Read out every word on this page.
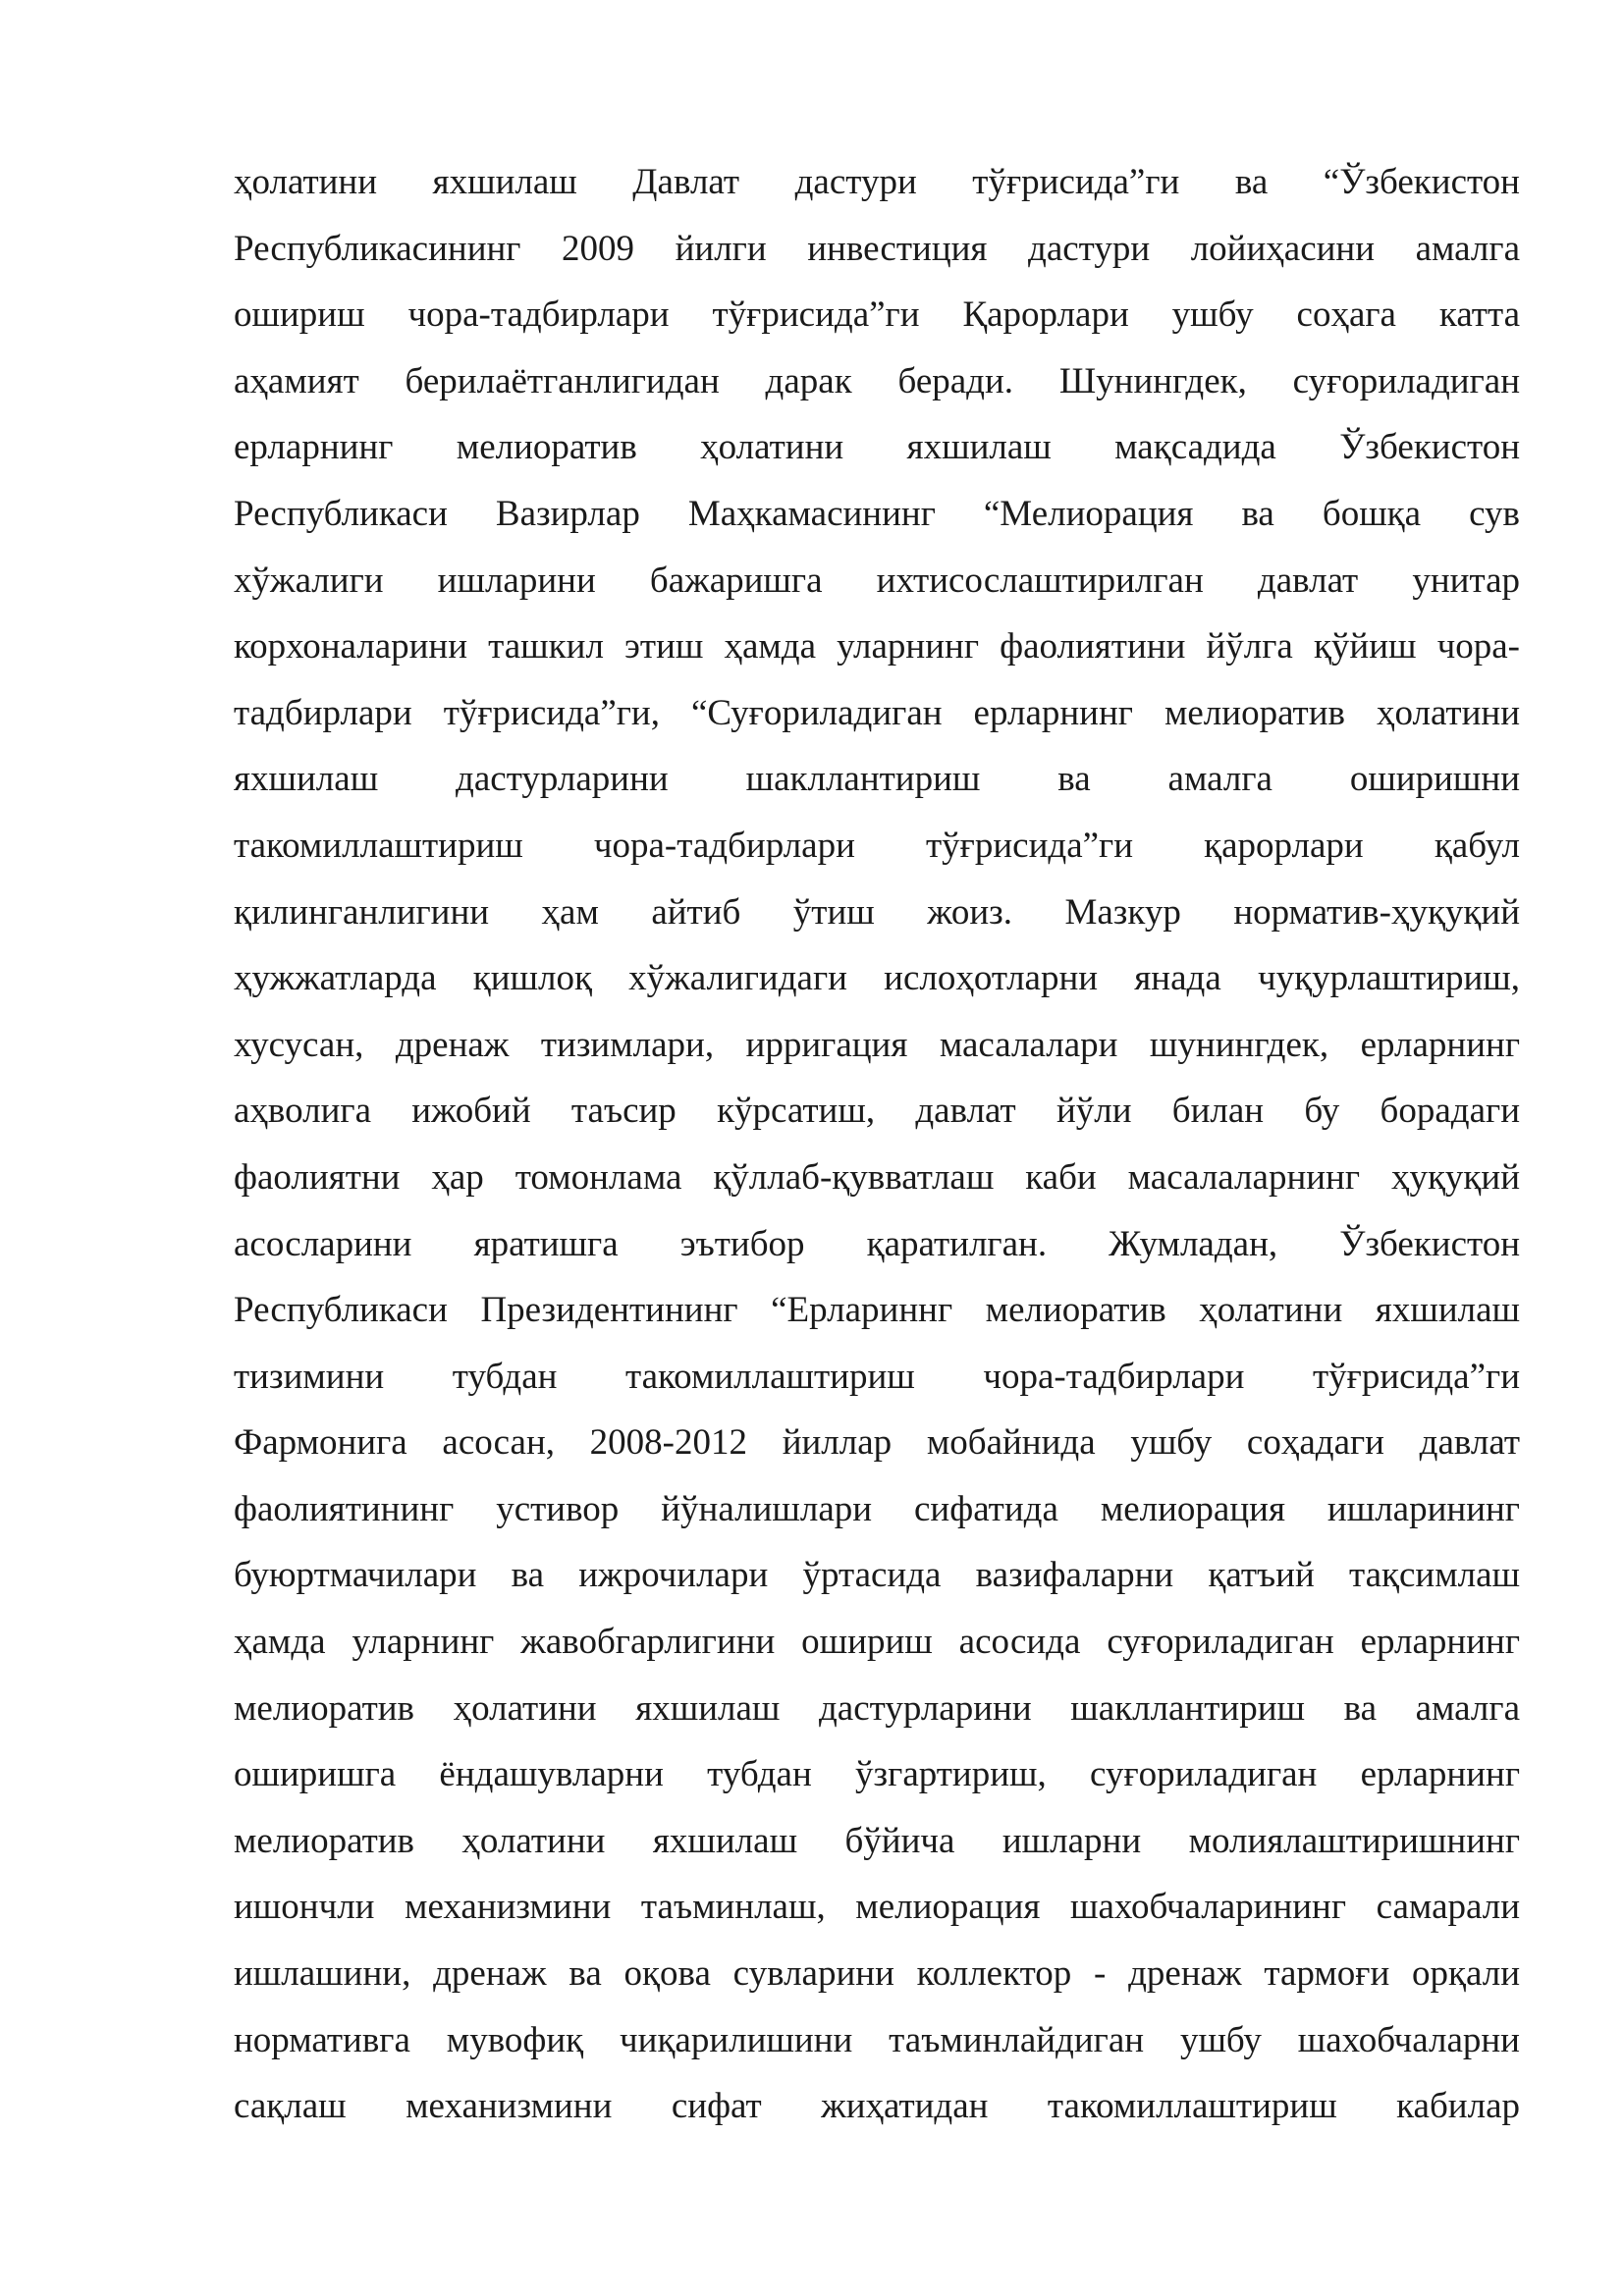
ҳолатини яхшилаш Давлат дастури тўғрисида”ги ва “Ўзбекистон
Республикасининг 2009 йилги инвестиция дастури лойиҳасини амалга
ошириш чора-тадбирлари тўғрисида”ги Қарорлари ушбу соҳага катта
аҳамият берилаётганлигидан дарак беради. Шунингдек, суғориладиган
ерларнинг мелиоратив ҳолатини яхшилаш мақсадида Ўзбекистон
Республикаси Вазирлар Маҳкамасининг “Мелиорация ва бошқа сув
хўжалиги ишларини бажаришга ихтисослаштирилган давлат унитар
корхоналарини ташкил этиш ҳамда уларнинг фаолиятини йўлга қўйиш чора-
тадбирлари тўғрисида”ги, “Суғориладиган ерларнинг мелиоратив ҳолатини
яхшилаш дастурларини шакллантириш ва амалга оширишни
такомиллаштириш чора-тадбирлари тўғрисида”ги қарорлари қабул
қилинганлигини ҳам айтиб ўтиш жоиз. Мазкур норматив-ҳуқуқий
ҳужжатларда қишлоқ хўжалигидаги ислоҳотларни янада чуқурлаштириш,
хусусан, дренаж тизимлари, ирригация масалалари шунингдек, ерларнинг
аҳволига ижобий таъсир кўрсатиш, давлат йўли билан бу борадаги
фаолиятни ҳар томонлама қўллаб-қувватлаш каби масалаларнинг ҳуқуқий
асосларини яратишга эътибор қаратилган. Жумладан, Ўзбекистон
Республикаси Президентининг “Ерлариннг мелиоратив ҳолатини яхшилаш
тизимини тубдан такомиллаштириш чора-тадбирлари тўғрисида”ги
Фармонига асосан, 2008-2012 йиллар мобайнида ушбу соҳадаги давлат
фаолиятининг устивор йўналишлари сифатида мелиорация ишларининг
буюртмачилари ва ижрочилари ўртасида вазифаларни қатъий тақсимлаш
ҳамда уларнинг жавобгарлигини ошириш асосида суғориладиган ерларнинг
мелиоратив ҳолатини яхшилаш дастурларини шакллантириш ва амалга
оширишга ёндашувларни тубдан ўзгартириш, суғориладиган ерларнинг
мелиоратив ҳолатини яхшилаш бўйича ишларни молиялаштиришнинг
ишончли механизмини таъминлаш, мелиорация шахобчаларининг самарали
ишлашини, дренаж ва оқова сувларини коллектор - дренаж тармоғи орқали
нормативга мувофиқ чиқарилишини таъминлайдиган ушбу шахобчаларни
сақлаш механизмини сифат жиҳатидан такомиллаштириш кабилар
